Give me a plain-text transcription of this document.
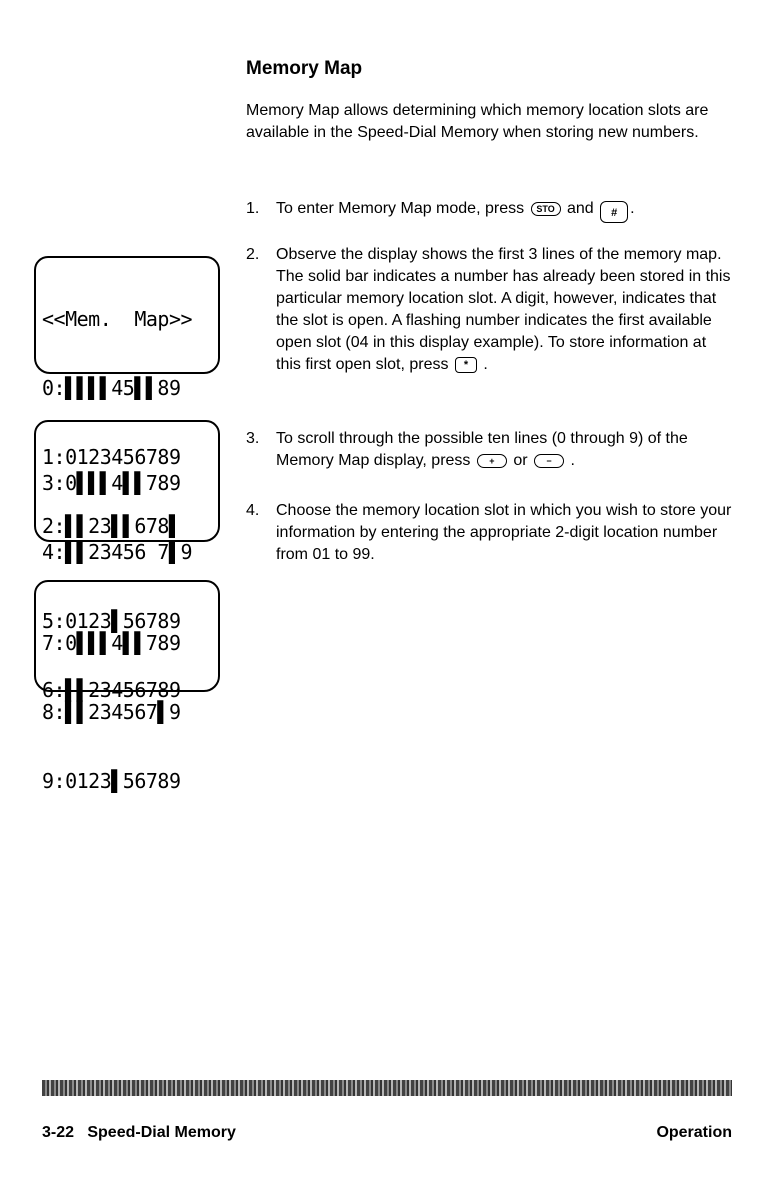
Memory Map

Memory Map allows determining which memory location slots are available in the Speed-Dial Memory when storing new numbers.

1. To enter Memory Map mode, press STO and # .
2. Observe the display shows the first 3 lines of the memory map. The solid bar indicates a number has already been stored in this particular memory location slot. A digit, however, indicates that the slot is open. A flashing number indicates the first available open slot (04 in this display example). To store information at this first open slot, press * .
3. To scroll through the possible ten lines (0 through 9) of the Memory Map display, press + or − .
4. Choose the memory location slot in which you wish to store your information by entering the appropriate 2-digit location number from 01 to 99.

<<Mem.  Map>>

0:▌▌▌▌45▌▌89

1:0123456789

2:▌▌23▌▌678▌

3:0▌▌▌4▌▌789

4:▌▌23456 7▌9

5:0123▌56789

6:▌▌23456789

7:0▌▌▌4▌▌789

8:▌▌234567▌9

9:0123▌56789

3-22   Speed-Dial Memory	Operation
